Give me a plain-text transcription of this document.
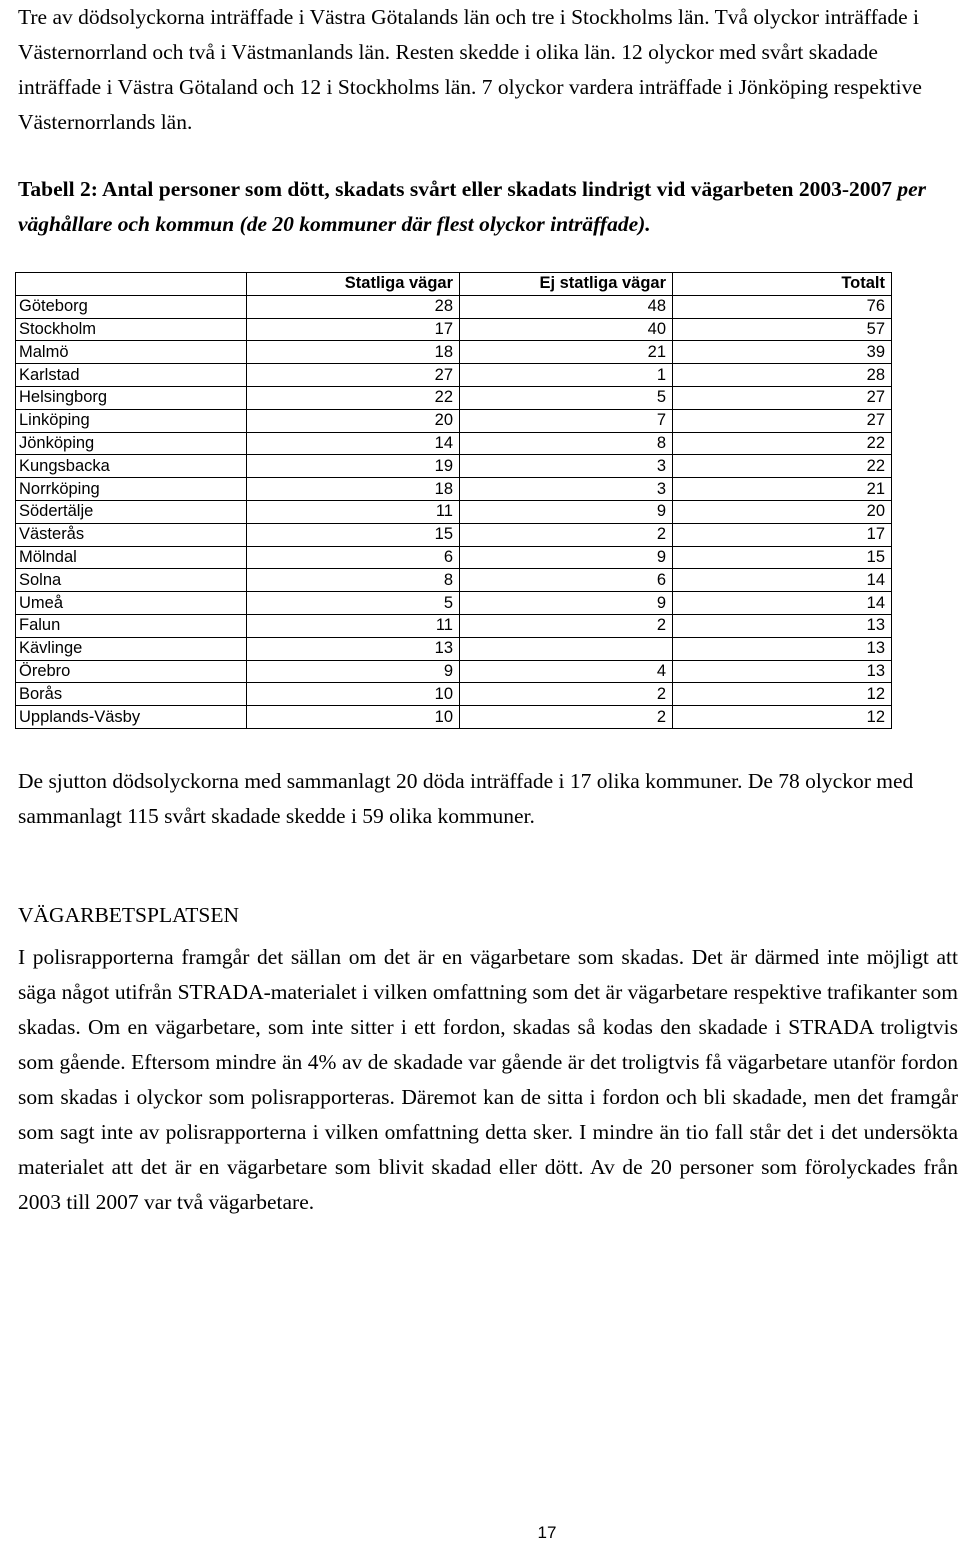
Tre av dödsolyckorna inträffade i Västra Götalands län och tre i Stockholms län. Två olyckor inträffade i Västernorrland och två i Västmanlands län. Resten skedde i olika län. 12 olyckor med svårt skadade inträffade i Västra Götaland och 12 i Stockholms län. 7 olyckor vardera inträffade i Jönköping respektive Västernorrlands län.

Tabell 2: Antal personer som dött, skadats svårt eller skadats lindrigt vid vägarbeten 2003-2007 per väghållare och kommun (de 20 kommuner där flest olyckor inträffade).
	Statliga vägar	Ej statliga vägar	Totalt
Göteborg	28	48	76
Stockholm	17	40	57
Malmö	18	21	39
Karlstad	27	1	28
Helsingborg	22	5	27
Linköping	20	7	27
Jönköping	14	8	22
Kungsbacka	19	3	22
Norrköping	18	3	21
Södertälje	11	9	20
Västerås	15	2	17
Mölndal	6	9	15
Solna	8	6	14
Umeå	5	9	14
Falun	11	2	13
Kävlinge	13		13
Örebro	9	4	13
Borås	10	2	12
Upplands-Väsby	10	2	12

De sjutton dödsolyckorna med sammanlagt 20 döda inträffade i 17 olika kommuner. De 78 olyckor med sammanlagt 115 svårt skadade skedde i 59 olika kommuner.

VÄGARBETSPLATSEN

I polisrapporterna framgår det sällan om det är en vägarbetare som skadas. Det är därmed inte möjligt att säga något utifrån STRADA-materialet i vilken omfattning som det är vägarbetare respektive trafikanter som skadas. Om en vägarbetare, som inte sitter i ett fordon, skadas så kodas den skadade i STRADA troligtvis som gående. Eftersom mindre än 4% av de skadade var gående är det troligtvis få vägarbetare utanför fordon som skadas i olyckor som polisrapporteras. Däremot kan de sitta i fordon och bli skadade, men det framgår som sagt inte av polisrapporterna i vilken omfattning detta sker. I mindre än tio fall står det i det undersökta materialet att det är en vägarbetare som blivit skadad eller dött. Av de 20 personer som förolyckades från 2003 till 2007 var två vägarbetare.

17
